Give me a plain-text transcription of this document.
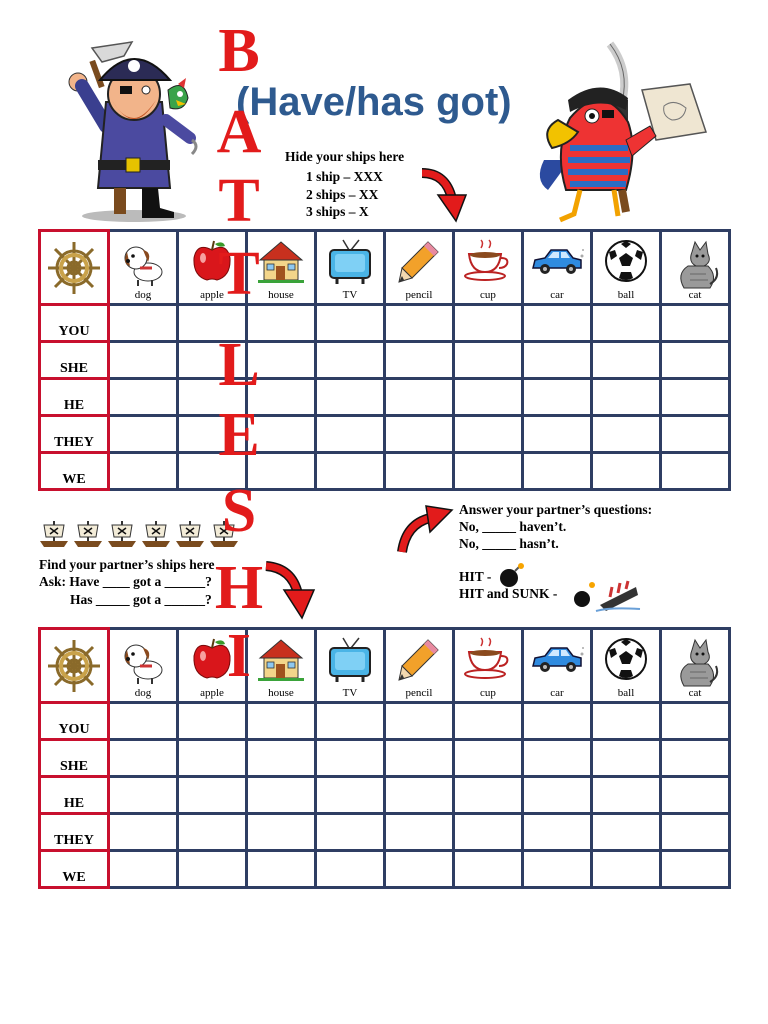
B
A
T
T
L
E
S
H
I
(Have/has got)
Hide your ships here
1 ship – XXX
2 ships – XX
3 ships – X
Answer your partner’s questions:
No, _____ haven’t.
No, _____ hasn’t.
HIT -
HIT and SUNK -
Find your partner’s ships here
Ask: Have ____ got a ______?
Has _____ got a ______?

dog	apple	house	TV	pencil	cup	car	ball	cat

YOU									
SHE									
HE									
THEY									
WE									

dog	apple	house	TV	pencil	cup	car	ball	cat

YOU									
SHE									
HE									
THEY									
WE									
